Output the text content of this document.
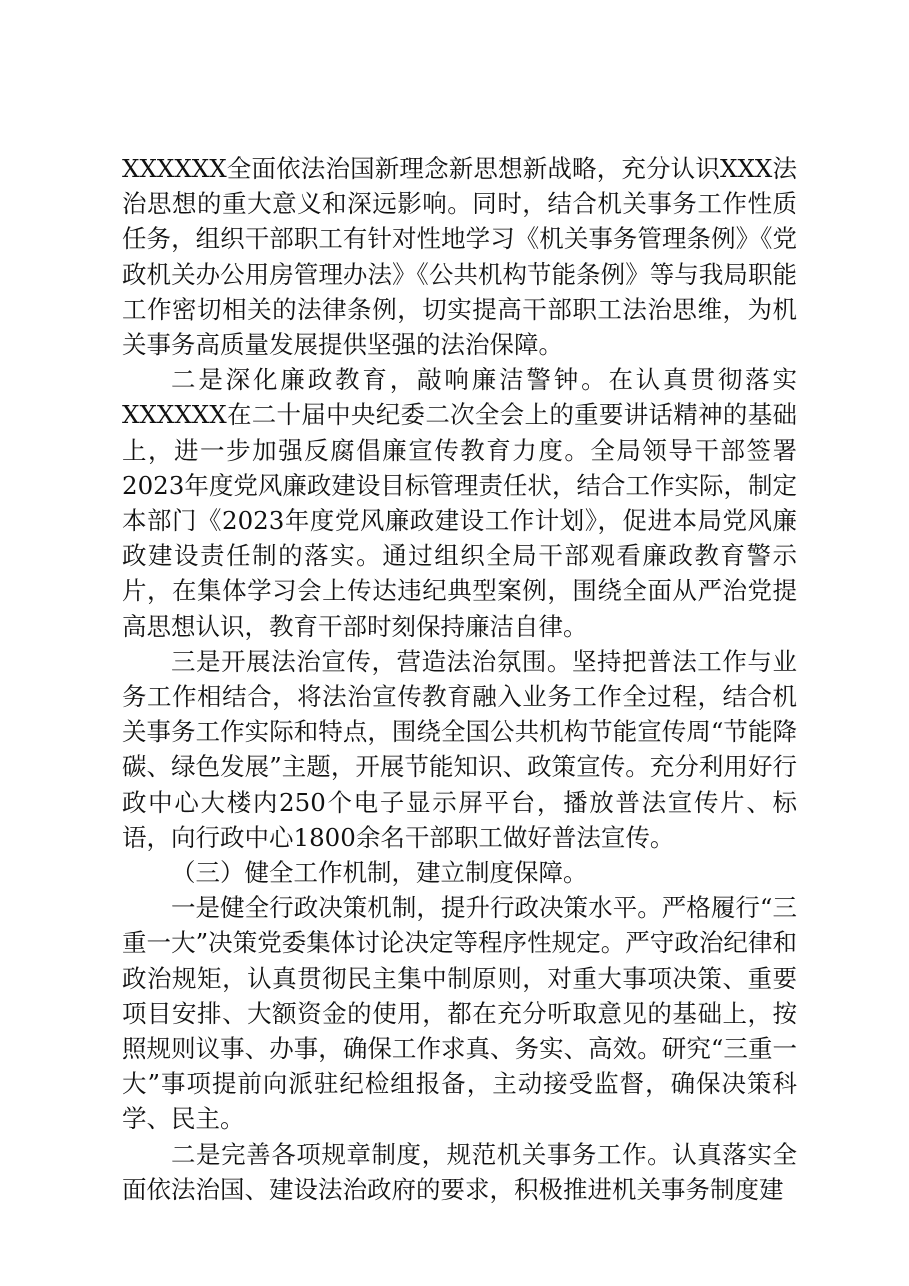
XXXXXX全面依法治国新理念新思想新战略，充分认识XXX法治思想的重大意义和深远影响。同时，结合机关事务工作性质任务，组织干部职工有针对性地学习《机关事务管理条例》《党政机关办公用房管理办法》《公共机构节能条例》等与我局职能工作密切相关的法律条例，切实提高干部职工法治思维，为机关事务高质量发展提供坚强的法治保障。

二是深化廉政教育，敲响廉洁警钟。在认真贯彻落实XXXXXX在二十届中央纪委二次全会上的重要讲话精神的基础上，进一步加强反腐倡廉宣传教育力度。全局领导干部签署2023年度党风廉政建设目标管理责任状，结合工作实际，制定本部门《2023年度党风廉政建设工作计划》，促进本局党风廉政建设责任制的落实。通过组织全局干部观看廉政教育警示片，在集体学习会上传达违纪典型案例，围绕全面从严治党提高思想认识，教育干部时刻保持廉洁自律。

三是开展法治宣传，营造法治氛围。坚持把普法工作与业务工作相结合，将法治宣传教育融入业务工作全过程，结合机关事务工作实际和特点，围绕全国公共机构节能宣传周“节能降碳、绿色发展”主题，开展节能知识、政策宣传。充分利用好行政中心大楼内250个电子显示屏平台，播放普法宣传片、标语，向行政中心1800余名干部职工做好普法宣传。

（三）健全工作机制，建立制度保障。

一是健全行政决策机制，提升行政决策水平。严格履行“三重一大”决策党委集体讨论决定等程序性规定。严守政治纪律和政治规矩，认真贯彻民主集中制原则，对重大事项决策、重要项目安排、大额资金的使用，都在充分听取意见的基础上，按照规则议事、办事，确保工作求真、务实、高效。研究“三重一大”事项提前向派驻纪检组报备，主动接受监督，确保决策科学、民主。

二是完善各项规章制度，规范机关事务工作。认真落实全面依法治国、建设法治政府的要求，积极推进机关事务制度建
